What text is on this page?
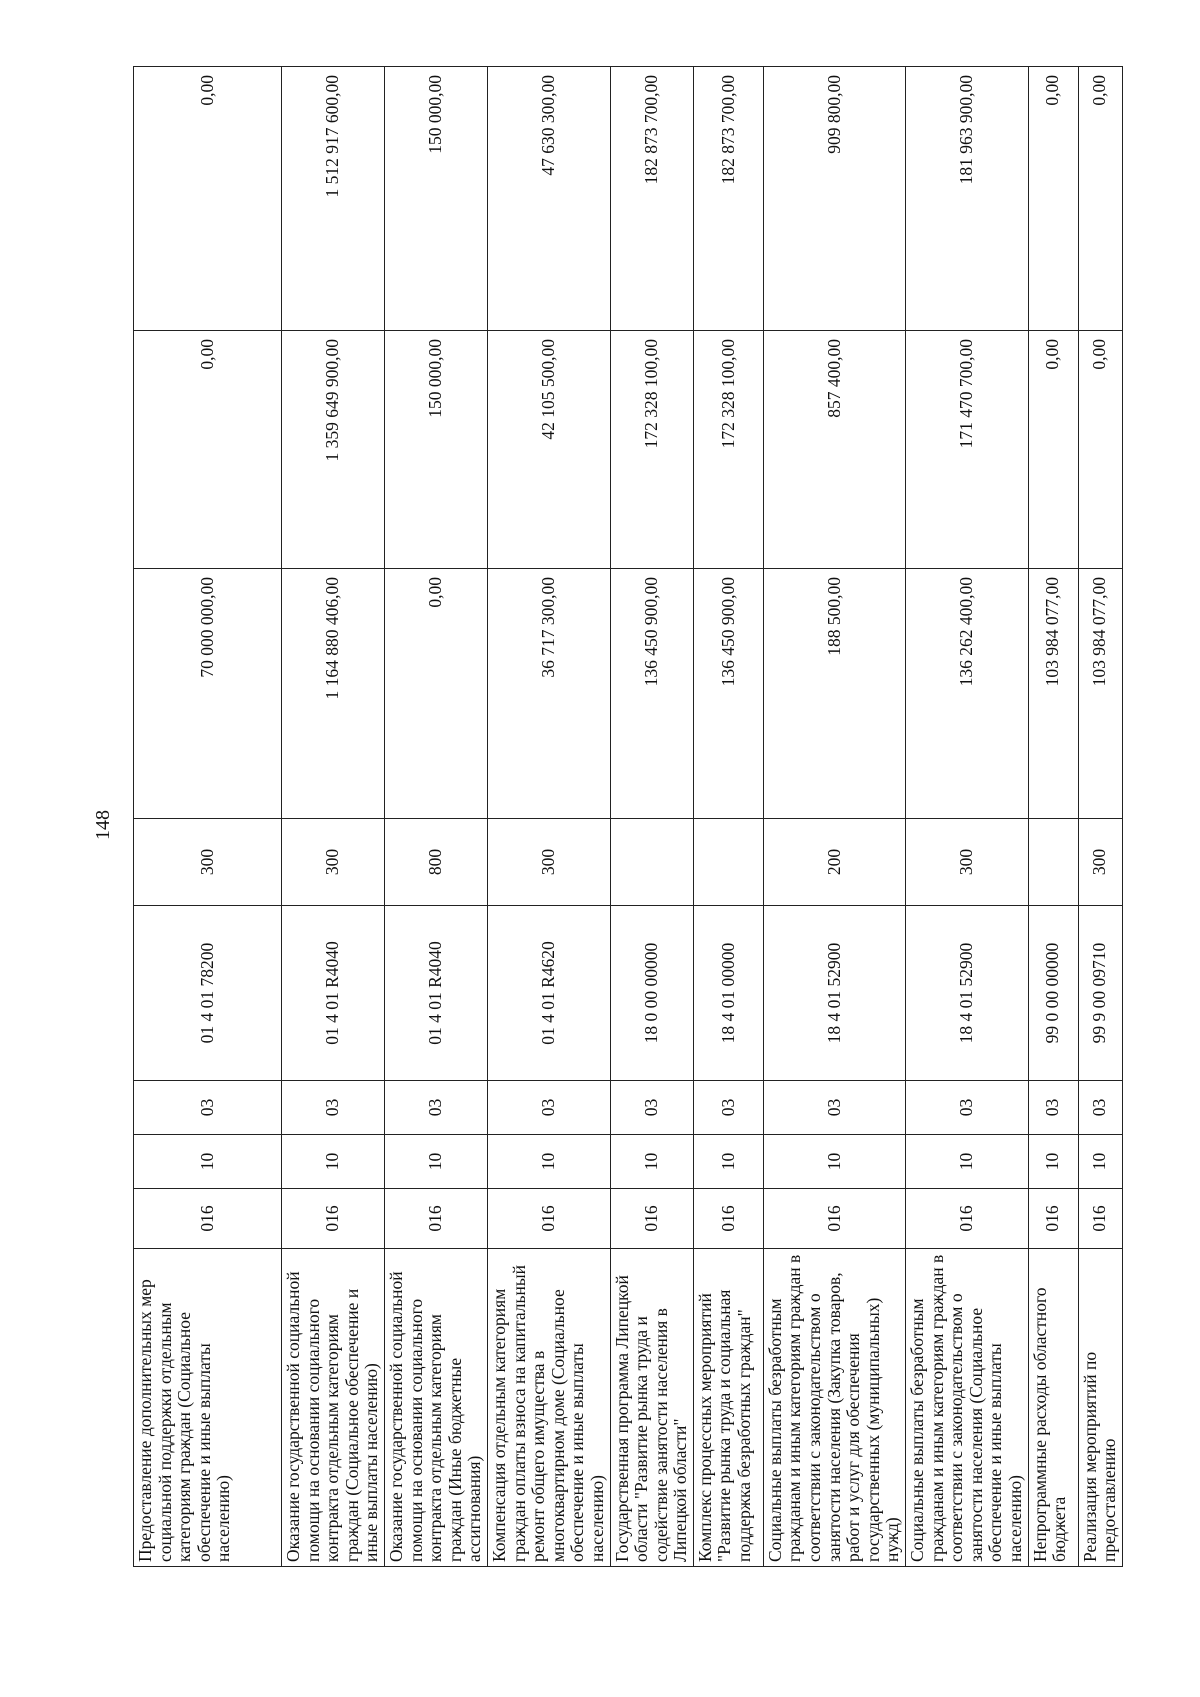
148
Предоставление дополнительных мер социальной поддержки отдельным категориям граждан (Социальное обеспечение и иные выплаты населению)	016	10	03	01 4 01 78200	300	70 000 000,00	0,00	0,00
Оказание государственной социальной помощи на основании социального контракта отдельным категориям граждан (Социальное обеспечение и иные выплаты населению)	016	10	03	01 4 01 R4040	300	1 164 880 406,00	1 359 649 900,00	1 512 917 600,00
Оказание государственной социальной помощи на основании социального контракта отдельным категориям граждан (Иные бюджетные ассигнования)	016	10	03	01 4 01 R4040	800	0,00	150 000,00	150 000,00
Компенсация отдельным категориям граждан оплаты взноса на капитальный ремонт общего имущества в многоквартирном доме (Социальное обеспечение и иные выплаты населению)	016	10	03	01 4 01 R4620	300	36 717 300,00	42 105 500,00	47 630 300,00
Государственная программа Липецкой области "Развитие рынка труда и содействие занятости населения в Липецкой области"	016	10	03	18 0 00 00000		136 450 900,00	172 328 100,00	182 873 700,00
Комплекс процессных мероприятий "Развитие рынка труда и социальная поддержка безработных граждан"	016	10	03	18 4 01 00000		136 450 900,00	172 328 100,00	182 873 700,00
Социальные выплаты безработным гражданам и иным категориям граждан в соответствии с законодательством о занятости населения (Закупка товаров, работ и услуг для обеспечения государственных (муниципальных) нужд)	016	10	03	18 4 01 52900	200	188 500,00	857 400,00	909 800,00
Социальные выплаты безработным гражданам и иным категориям граждан в соответствии с законодательством о занятости населения (Социальное обеспечение и иные выплаты населению)	016	10	03	18 4 01 52900	300	136 262 400,00	171 470 700,00	181 963 900,00
Непрограммные расходы областного бюджета	016	10	03	99 0 00 00000		103 984 077,00	0,00	0,00
Реализация мероприятий по предоставлению	016	10	03	99 9 00 09710	300	103 984 077,00	0,00	0,00
